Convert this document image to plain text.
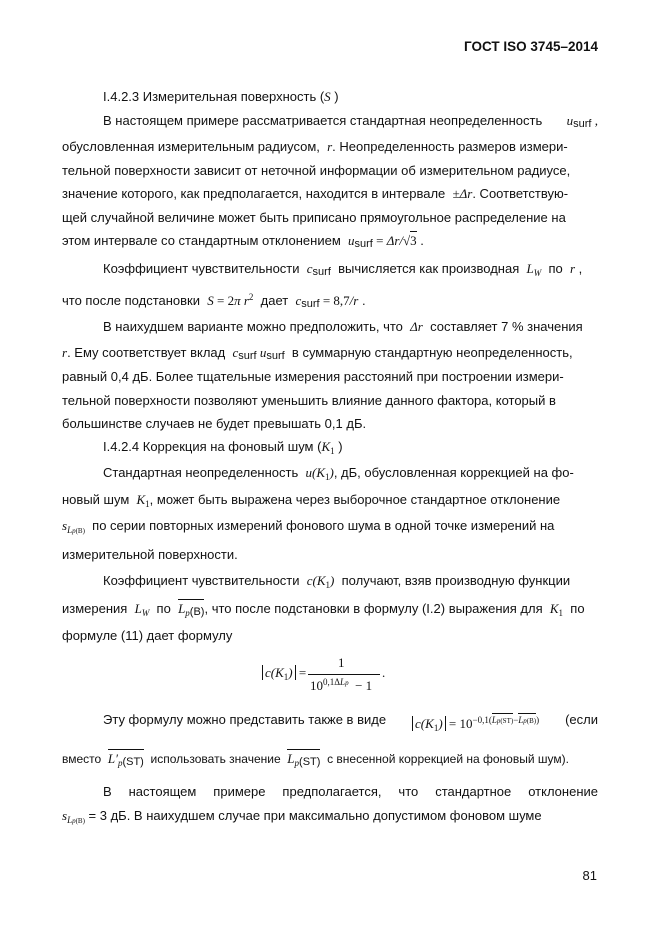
ГОСТ ISO 3745–2014
I.4.2.3 Измерительная поверхность (S )
В настоящем примере рассматривается стандартная неопределенность usurf ,
обусловленная измерительным радиусом,  r. Неопределенность размеров измери-
тельной поверхности зависит от неточной информации об измерительном радиусе,
значение которого, как предполагается, находится в интервале ±Δr. Соответствую-
щей случайной величине может быть приписано прямоугольное распределение на
этом интервале со стандартным отклонением usurf = Δr/√3 .
Коэффициент чувствительности csurf вычисляется как производная $L_W$ по r ,
что после подстановки S = 2π $r^2$ дает csurf = 8,7/r .
В наихудшем варианте можно предположить, что Δr составляет 7 % значения
r. Ему соответствует вклад csurf usurf в суммарную стандартную неопределенность,
равный 0,4 дБ. Более тщательные измерения расстояний при построении измери-
тельной поверхности позволяют уменьшить влияние данного фактора, который в
большинстве случаев не будет превышать 0,1 дБ.
I.4.2.4 Коррекция на фоновый шум ($K_1$ )
Стандартная неопределенность $u(K_1)$, дБ, обусловленная коррекцией на фо-
новый шум $K_1$, может быть выражена через выборочное стандартное отклонение
$s_{Lp(B)}$ по серии повторных измерений фонового шума в одной точке измерений на
измерительной поверхности.
Коэффициент чувствительности $c(K_1)$ получают, взяв производную функции
измерения $L_W$ по $L_p(B)$, что после подстановки в формулу (I.2) выражения для $K_1$ по
формуле (11) дает формулу
$c(K_1)$ =
1
$10^{0,1\Delta Lp} - 1$
.
Эту формулу можно представить также в виде $c(K_1) = 10^{-0,1(Lp(ST)-Lp(B))}$ (если
вместо $L'_p(ST)$ использовать значение $L_p(ST)$ с внесенной коррекцией на фоновый шум).
В настоящем примере предполагается, что стандартное отклонение
$s_{Lp(B)} = 3$ дБ. В наихудшем случае при максимально допустимом фоновом шуме
81
